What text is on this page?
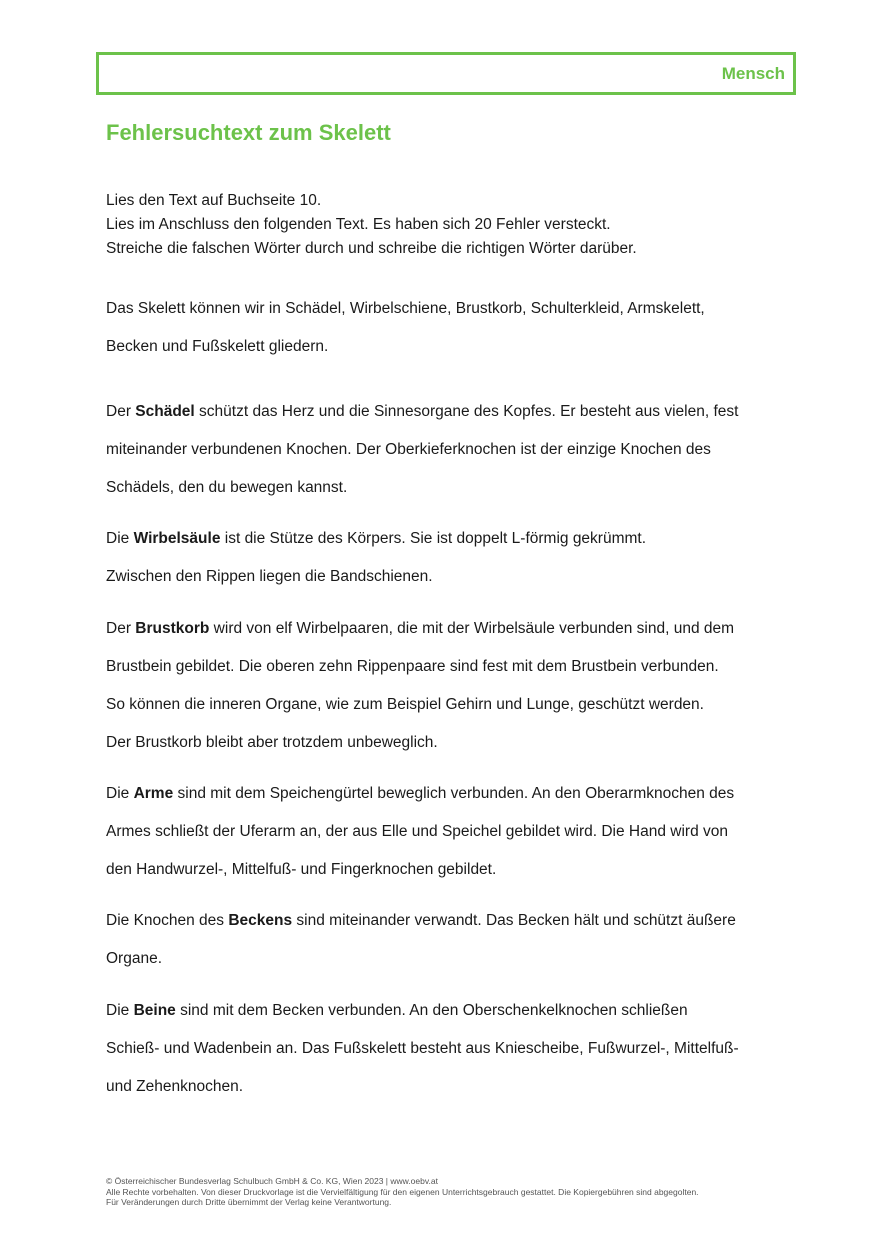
Mensch
Fehlersuchtext zum Skelett
Lies den Text auf Buchseite 10.
Lies im Anschluss den folgenden Text. Es haben sich 20 Fehler versteckt.
Streiche die falschen Wörter durch und schreibe die richtigen Wörter darüber.
Das Skelett können wir in Schädel, Wirbelschiene, Brustkorb, Schulterkleid, Armskelett,
Becken und Fußskelett gliedern.
Der Schädel schützt das Herz und die Sinnesorgane des Kopfes. Er besteht aus vielen, fest
miteinander verbundenen Knochen. Der Oberkieferknochen ist der einzige Knochen des
Schädels, den du bewegen kannst.
Die Wirbelsäule ist die Stütze des Körpers. Sie ist doppelt L-förmig gekrümmt.
Zwischen den Rippen liegen die Bandschienen.
Der Brustkorb wird von elf Wirbelpaaren, die mit der Wirbelsäule verbunden sind, und dem
Brustbein gebildet. Die oberen zehn Rippenpaare sind fest mit dem Brustbein verbunden.
So können die inneren Organe, wie zum Beispiel Gehirn und Lunge, geschützt werden.
Der Brustkorb bleibt aber trotzdem unbeweglich.
Die Arme sind mit dem Speichengürtel beweglich verbunden. An den Oberarmknochen des
Armes schließt der Uferarm an, der aus Elle und Speichel gebildet wird. Die Hand wird von
den Handwurzel-, Mittelfuß- und Fingerknochen gebildet.
Die Knochen des Beckens sind miteinander verwandt. Das Becken hält und schützt äußere
Organe.
Die Beine sind mit dem Becken verbunden. An den Oberschenkelknochen schließen
Schieß- und Wadenbein an. Das Fußskelett besteht aus Kniescheibe, Fußwurzel-, Mittelfuß-
und Zehenknochen.
© Österreichischer Bundesverlag Schulbuch GmbH & Co. KG, Wien 2023 | www.oebv.at
Alle Rechte vorbehalten. Von dieser Druckvorlage ist die Vervielfältigung für den eigenen Unterrichtsgebrauch gestattet. Die Kopiergebühren sind abgegolten.
Für Veränderungen durch Dritte übernimmt der Verlag keine Verantwortung.
